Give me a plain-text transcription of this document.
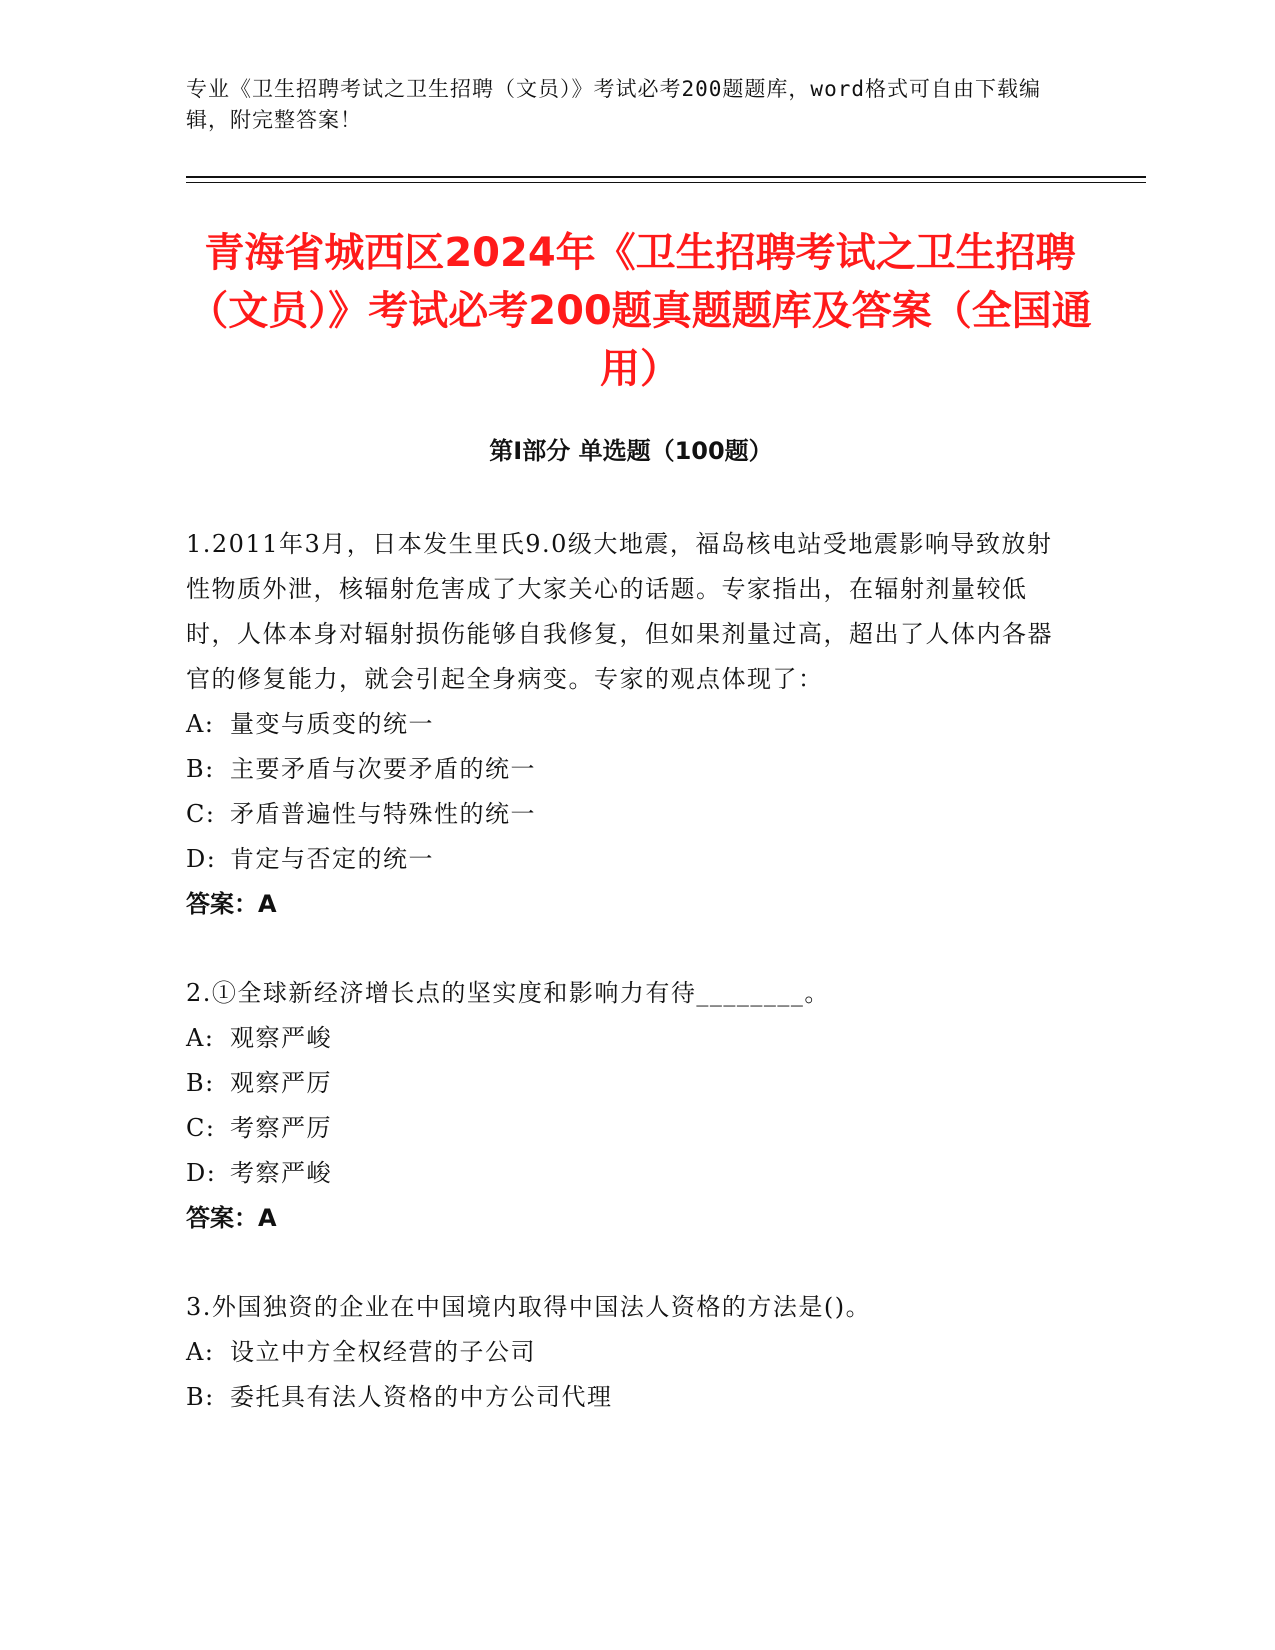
专业《卫生招聘考试之卫生招聘（文员）》考试必考200题题库，word格式可自由下载编辑，附完整答案！
青海省城西区2024年《卫生招聘考试之卫生招聘（文员）》考试必考200题真题题库及答案（全国通用）
第Ⅰ部分 单选题（100题）
1.2011年3月，日本发生里氏9.0级大地震，福岛核电站受地震影响导致放射性物质外泄，核辐射危害成了大家关心的话题。专家指出，在辐射剂量较低时，人体本身对辐射损伤能够自我修复，但如果剂量过高，超出了人体内各器官的修复能力，就会引起全身病变。专家的观点体现了：
A: 量变与质变的统一
B: 主要矛盾与次要矛盾的统一
C: 矛盾普遍性与特殊性的统一
D: 肯定与否定的统一
答案：A
2.①全球新经济增长点的坚实度和影响力有待________。
A: 观察严峻
B: 观察严厉
C: 考察严厉
D: 考察严峻
答案：A
3.外国独资的企业在中国境内取得中国法人资格的方法是()。
A: 设立中方全权经营的子公司
B: 委托具有法人资格的中方公司代理
